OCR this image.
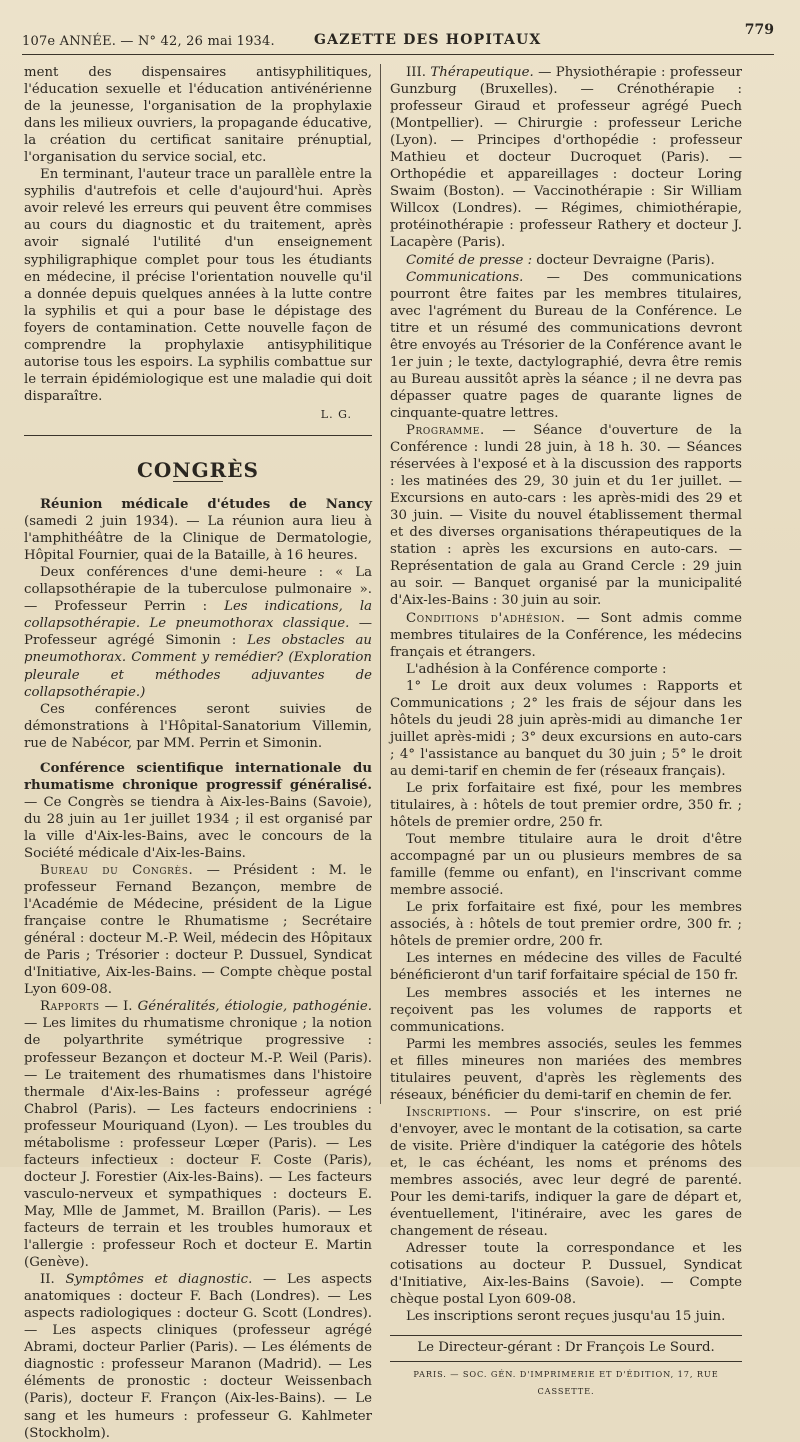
107e ANNÉE. — N° 42, 26 mai 1934.	GAZETTE DES HOPITAUX
779

ment des dispensaires antisyphilitiques, l'éducation sexuelle et l'éducation antivénérienne de la jeunesse, l'organisation de la prophylaxie dans les milieux ouvriers, la propagande éducative, la création du certificat sanitaire prénuptial, l'organisation du service social, etc.

En terminant, l'auteur trace un parallèle entre la syphilis d'autrefois et celle d'aujourd'hui. Après avoir relevé les erreurs qui peuvent être commises au cours du diagnostic et du traitement, après avoir signalé l'utilité d'un enseignement syphiligraphique complet pour tous les étudiants en médecine, il précise l'orientation nouvelle qu'il a donnée depuis quelques années à la lutte contre la syphilis et qui a pour base le dépistage des foyers de contamination. Cette nouvelle façon de comprendre la prophylaxie antisyphilitique autorise tous les espoirs. La syphilis combattue sur le terrain épidémiologique est une maladie qui doit disparaître.

L. G.
CONGRÈS

Réunion médicale d'études de Nancy (samedi 2 juin 1934). — La réunion aura lieu à l'amphithéâtre de la Clinique de Dermatologie, Hôpital Fournier, quai de la Bataille, à 16 heures.

Deux conférences d'une demi-heure : « La collapsothérapie de la tuberculose pulmonaire ». — Professeur Perrin : Les indications, la collapsothérapie. Le pneumothorax classique. — Professeur agrégé Simonin : Les obstacles au pneumothorax. Comment y remédier? (Exploration pleurale et méthodes adjuvantes de collapsothérapie.)

Ces conférences seront suivies de démonstrations à l'Hôpital-Sanatorium Villemin, rue de Nabécor, par MM. Perrin et Simonin.

Conférence scientifique internationale du rhumatisme chronique progressif généralisé. — Ce Congrès se tiendra à Aix-les-Bains (Savoie), du 28 juin au 1er juillet 1934 ; il est organisé par la ville d'Aix-les-Bains, avec le concours de la Société médicale d'Aix-les-Bains.

Bureau du Congrès. — Président : M. le professeur Fernand Bezançon, membre de l'Académie de Médecine, président de la Ligue française contre le Rhumatisme ; Secrétaire général : docteur M.-P. Weil, médecin des Hôpitaux de Paris ; Trésorier : docteur P. Dussuel, Syndicat d'Initiative, Aix-les-Bains. — Compte chèque postal Lyon 609-08.

Rapports — I. Généralités, étiologie, pathogénie. — Les limites du rhumatisme chronique ; la notion de polyarthrite symétrique progressive : professeur Bezançon et docteur M.-P. Weil (Paris). — Le traitement des rhumatismes dans l'histoire thermale d'Aix-les-Bains : professeur agrégé Chabrol (Paris). — Les facteurs endocriniens : professeur Mouriquand (Lyon). — Les troubles du métabolisme : professeur Lœper (Paris). — Les facteurs infectieux : docteur F. Coste (Paris), docteur J. Forestier (Aix-les-Bains). — Les facteurs vasculo-nerveux et sympathiques : docteurs E. May, Mlle de Jammet, M. Braillon (Paris). — Les facteurs de terrain et les troubles humoraux et l'allergie : professeur Roch et docteur E. Martin (Genève).

II. Symptômes et diagnostic. — Les aspects anatomiques : docteur F. Bach (Londres). — Les aspects radiologiques : docteur G. Scott (Londres). — Les aspects cliniques (professeur agrégé Abrami, docteur Parlier (Paris). — Les éléments de diagnostic : professeur Maranon (Madrid). — Les éléments de pronostic : docteur Weissenbach (Paris), docteur F. Françon (Aix-les-Bains). — Le sang et les humeurs : professeur G. Kahlmeter (Stockholm).

III. Thérapeutique. — Physiothérapie : professeur Gunzburg (Bruxelles). — Crénothérapie : professeur Giraud et professeur agrégé Puech (Montpellier). — Chirurgie : professeur Leriche (Lyon). — Principes d'orthopédie : professeur Mathieu et docteur Ducroquet (Paris). — Orthopédie et appareillages : docteur Loring Swaim (Boston). — Vaccinothérapie : Sir William Willcox (Londres). — Régimes, chimiothérapie, protéinothérapie : professeur Rathery et docteur J. Lacapère (Paris).

Comité de presse : docteur Devraigne (Paris).

Communications. — Des communications pourront être faites par les membres titulaires, avec l'agrément du Bureau de la Conférence. Le titre et un résumé des communications devront être envoyés au Trésorier de la Conférence avant le 1er juin ; le texte, dactylographié, devra être remis au Bureau aussitôt après la séance ; il ne devra pas dépasser quatre pages de quarante lignes de cinquante-quatre lettres.

Programme. — Séance d'ouverture de la Conférence : lundi 28 juin, à 18 h. 30. — Séances réservées à l'exposé et à la discussion des rapports : les matinées des 29, 30 juin et du 1er juillet. — Excursions en auto-cars : les après-midi des 29 et 30 juin. — Visite du nouvel établissement thermal et des diverses organisations thérapeutiques de la station : après les excursions en auto-cars. — Représentation de gala au Grand Cercle : 29 juin au soir. — Banquet organisé par la municipalité d'Aix-les-Bains : 30 juin au soir.

Conditions d'adhésion. — Sont admis comme membres titulaires de la Conférence, les médecins français et étrangers.

L'adhésion à la Conférence comporte :

1° Le droit aux deux volumes : Rapports et Communications ; 2° les frais de séjour dans les hôtels du jeudi 28 juin après-midi au dimanche 1er juillet après-midi ; 3° deux excursions en auto-cars ; 4° l'assistance au banquet du 30 juin ; 5° le droit au demi-tarif en chemin de fer (réseaux français).

Le prix forfaitaire est fixé, pour les membres titulaires, à : hôtels de tout premier ordre, 350 fr. ; hôtels de premier ordre, 250 fr.

Tout membre titulaire aura le droit d'être accompagné par un ou plusieurs membres de sa famille (femme ou enfant), en l'inscrivant comme membre associé.

Le prix forfaitaire est fixé, pour les membres associés, à : hôtels de tout premier ordre, 300 fr. ; hôtels de premier ordre, 200 fr.

Les internes en médecine des villes de Faculté bénéficieront d'un tarif forfaitaire spécial de 150 fr.

Les membres associés et les internes ne reçoivent pas les volumes de rapports et communications.

Parmi les membres associés, seules les femmes et filles mineures non mariées des membres titulaires peuvent, d'après les règlements des réseaux, bénéficier du demi-tarif en chemin de fer.

Inscriptions. — Pour s'inscrire, on est prié d'envoyer, avec le montant de la cotisation, sa carte de visite. Prière d'indiquer la catégorie des hôtels et, le cas échéant, les noms et prénoms des membres associés, avec leur degré de parenté. Pour les demi-tarifs, indiquer la gare de départ et, éventuellement, l'itinéraire, avec les gares de changement de réseau.

Adresser toute la correspondance et les cotisations au docteur P. Dussuel, Syndicat d'Initiative, Aix-les-Bains (Savoie). — Compte chèque postal Lyon 609-08.

Les inscriptions seront reçues jusqu'au 15 juin.

Le Directeur-gérant : Dr François Le Sourd.
PARIS. — SOC. GÉN. D'IMPRIMERIE ET D'ÉDITION, 17, RUE CASSETTE.
